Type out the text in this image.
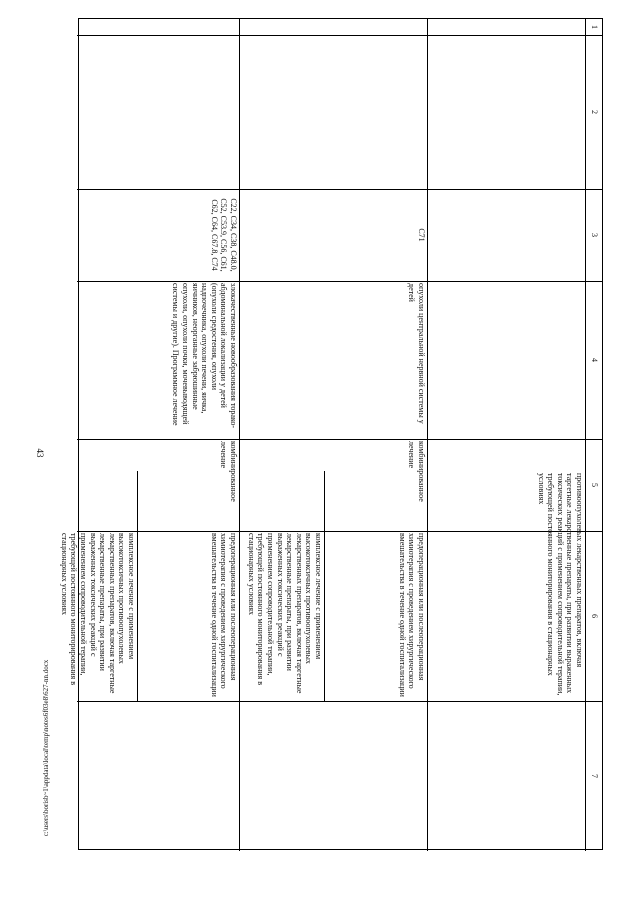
43
c:\users\borisb~1\appdata\local\temp\notes6f03e8\627-nn.docx
1
2
3
4
5
6
7
противоопухолевых лекарственных препаратов, включая таргетные лекарственные препараты, при развитии выраженных токсических реакций с применением сопроводительной терапии, требующей постоянного мониторирования в стационарных условиях
C71
опухоли центральной нервной системы у детей
комбинированное лечение
предоперационная или послеоперационная химиотерапия с проведением хирургического вмешательства в течение одной госпитализации
комплексное лечение с применением высокотоксичных противоопухолевых лекарственных препаратов, включая таргетные лекарственные препараты, при развитии выраженных токсических реакций с применением сопроводительной терапии, требующей постоянного мониторирования в стационарных условиях
C22, C34, C38, C48.0, C52, C53.9, C56, C61, C62, C64, C67.8, C74
злокачественные новообразования торако-абдоминальной локализации у детей (опухоли средостения, опухоли надпочечника, опухоли печени, яичка, яичников, неорганные забрюшинные опухоли, опухоли почки, мочевыводящей системы и другие). Программное лечение
комбинированное лечение
предоперационная или послеоперационная химиотерапия с проведением хирургического вмешательства в течение одной госпитализации
комплексное лечение с применением высокотоксичных противоопухолевых лекарственных препаратов, включая таргетные лекарственные препараты, при развитии выраженных токсических реакций с применением сопроводительной терапии, требующей постоянного мониторирования в стационарных условиях
